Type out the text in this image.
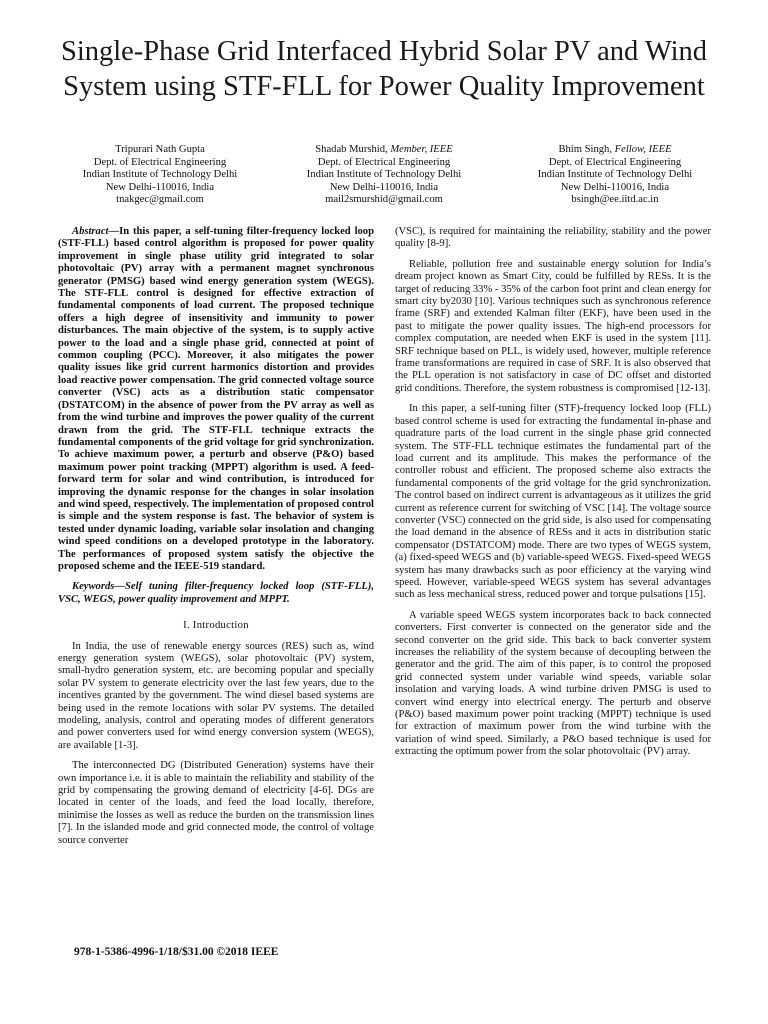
Single-Phase Grid Interfaced Hybrid Solar PV and Wind System using STF-FLL for Power Quality Improvement
Tripurari Nath Gupta
Dept. of Electrical Engineering
Indian Institute of Technology Delhi
New Delhi-110016, India
tnakgec@gmail.com
Shadab Murshid, Member, IEEE
Dept. of Electrical Engineering
Indian Institute of Technology Delhi
New Delhi-110016, India
mail2smurshid@gmail.com
Bhim Singh, Fellow, IEEE
Dept. of Electrical Engineering
Indian Institute of Technology Delhi
New Delhi-110016, India
bsingh@ee.iitd.ac.in
Abstract—In this paper, a self-tuning filter-frequency locked loop (STF-FLL) based control algorithm is proposed for power quality improvement in single phase utility grid integrated to solar photovoltaic (PV) array with a permanent magnet synchronous generator (PMSG) based wind energy generation system (WEGS). The STF-FLL control is designed for effective extraction of fundamental components of load current. The proposed technique offers a high degree of insensitivity and immunity to power disturbances. The main objective of the system, is to supply active power to the load and a single phase grid, connected at point of common coupling (PCC). Moreover, it also mitigates the power quality issues like grid current harmonics distortion and provides load reactive power compensation. The grid connected voltage source converter (VSC) acts as a distribution static compensator (DSTATCOM) in the absence of power from the PV array as well as from the wind turbine and improves the power quality of the current drawn from the grid. The STF-FLL technique extracts the fundamental components of the grid voltage for grid synchronization. To achieve maximum power, a perturb and observe (P&O) based maximum power point tracking (MPPT) algorithm is used. A feed-forward term for solar and wind contribution, is introduced for improving the dynamic response for the changes in solar insolation and wind speed, respectively. The implementation of proposed control is simple and the system response is fast. The behavior of system is tested under dynamic loading, variable solar insolation and changing wind speed conditions on a developed prototype in the laboratory. The performances of proposed system satisfy the objective the proposed scheme and the IEEE-519 standard.
Keywords—Self tuning filter-frequency locked loop (STF-FLL), VSC, WEGS, power quality improvement and MPPT.
I. Introduction

In India, the use of renewable energy sources (RES) such as, wind energy generation system (WEGS), solar photovoltaic (PV) system, small-hydro generation system, etc. are becoming popular and specially solar PV system to generate electricity over the last few years, due to the incentives granted by the government. The wind diesel based systems are being used in the remote locations with solar PV systems. The detailed modeling, analysis, control and operating modes of different generators and power converters used for wind energy conversion system (WEGS), are available [1-3].

The interconnected DG (Distributed Generation) systems have their own importance i.e. it is able to maintain the reliability and stability of the grid by compensating the growing demand of electricity [4-6]. DGs are located in center of the loads, and feed the load locally, therefore, minimise the losses as well as reduce the burden on the transmission lines [7]. In the islanded mode and grid connected mode, the control of voltage source converter

(VSC), is required for maintaining the reliability, stability and the power quality [8-9].

Reliable, pollution free and sustainable energy solution for India’s dream project known as Smart City, could be fulfilled by RESs. It is the target of reducing 33% - 35% of the carbon foot print and clean energy for smart city by2030 [10]. Various techniques such as synchronous reference frame (SRF) and extended Kalman filter (EKF), have been used in the past to mitigate the power quality issues. The high-end processors for complex computation, are needed when EKF is used in the system [11]. SRF technique based on PLL, is widely used, however, multiple reference frame transformations are required in case of SRF. It is also observed that the PLL operation is not satisfactory in case of DC offset and distorted grid conditions. Therefore, the system robustness is compromised [12-13].

In this paper, a self-tuning filter (STF)-frequency locked loop (FLL) based control scheme is used for extracting the fundamental in-phase and quadrature parts of the load current in the single phase grid connected system. The STF-FLL technique estimates the fundamental part of the load current and its amplitude. This makes the performance of the controller robust and efficient. The proposed scheme also extracts the fundamental components of the grid voltage for the grid synchronization. The control based on indirect current is advantageous as it utilizes the grid current as reference current for switching of VSC [14]. The voltage source converter (VSC) connected on the grid side, is also used for compensating the load demand in the absence of RESs and it acts in distribution static compensator (DSTATCOM) mode. There are two types of WEGS system, (a) fixed-speed WEGS and (b) variable-speed WEGS. Fixed-speed WEGS system has many drawbacks such as poor efficiency at the varying wind speed. However, variable-speed WEGS system has several advantages such as less mechanical stress, reduced power and torque pulsations [15].

A variable speed WEGS system incorporates back to back connected converters. First converter is connected on the generator side and the second converter on the grid side. This back to back converter system increases the reliability of the system because of decoupling between the generator and the grid. The aim of this paper, is to control the proposed grid connected system under variable wind speeds, variable solar insolation and varying loads. A wind turbine driven PMSG is used to convert wind energy into electrical energy. The perturb and observe (P&O) based maximum power point tracking (MPPT) technique is used for extraction of maximum power from the wind turbine with the variation of wind speed. Similarly, a P&O based technique is used for extracting the optimum power from the solar photovoltaic (PV) array.

978-1-5386-4996-1/18/$31.00 ©2018 IEEE
